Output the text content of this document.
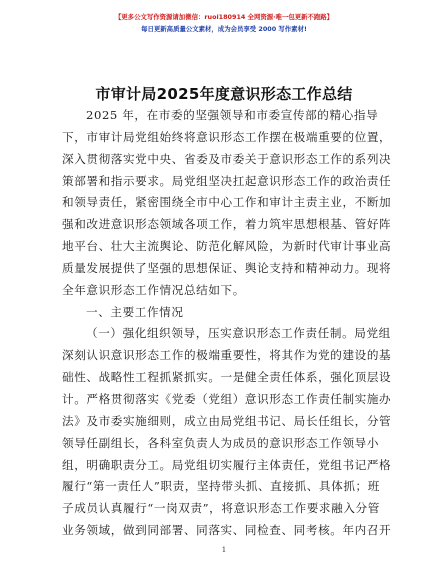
【更多公文写作资源请加微信：ruoi180914 全网资源·唯一包更新不跑路】
每日更新高质量公文素材，成为会员享受 2000 写作素材!
市审计局2025年度意识形态工作总结
2025 年，在市委的坚强领导和市委宣传部的精心指导
下，市审计局党组始终将意识形态工作摆在极端重要的位置，
深入贯彻落实党中央、省委及市委关于意识形态工作的系列决
策部署和指示要求。局党组坚决扛起意识形态工作的政治责任
和领导责任，紧密围绕全市中心工作和审计主责主业，不断加
强和改进意识形态领域各项工作，着力筑牢思想根基、管好阵
地平台、壮大主流舆论、防范化解风险，为新时代审计事业高
质量发展提供了坚强的思想保证、舆论支持和精神动力。现将
全年意识形态工作情况总结如下。
一、主要工作情况
（一）强化组织领导，压实意识形态工作责任制。局党组
深刻认识意识形态工作的极端重要性，将其作为党的建设的基
础性、战略性工程抓紧抓实。一是健全责任体系，强化顶层设
计。严格贯彻落实《党委（党组）意识形态工作责任制实施办
法》及市委实施细则，成立由局党组书记、局长任组长，分管
领导任副组长，各科室负责人为成员的意识形态工作领导小
组，明确职责分工。局党组切实履行主体责任，党组书记严格
履行“第一责任人”职责，坚持带头抓、直接抓、具体抓；班
子成员认真履行“一岗双责”，将意识形态工作要求融入分管
业务领域，做到同部署、同落实、同检查、同考核。年内召开
1
